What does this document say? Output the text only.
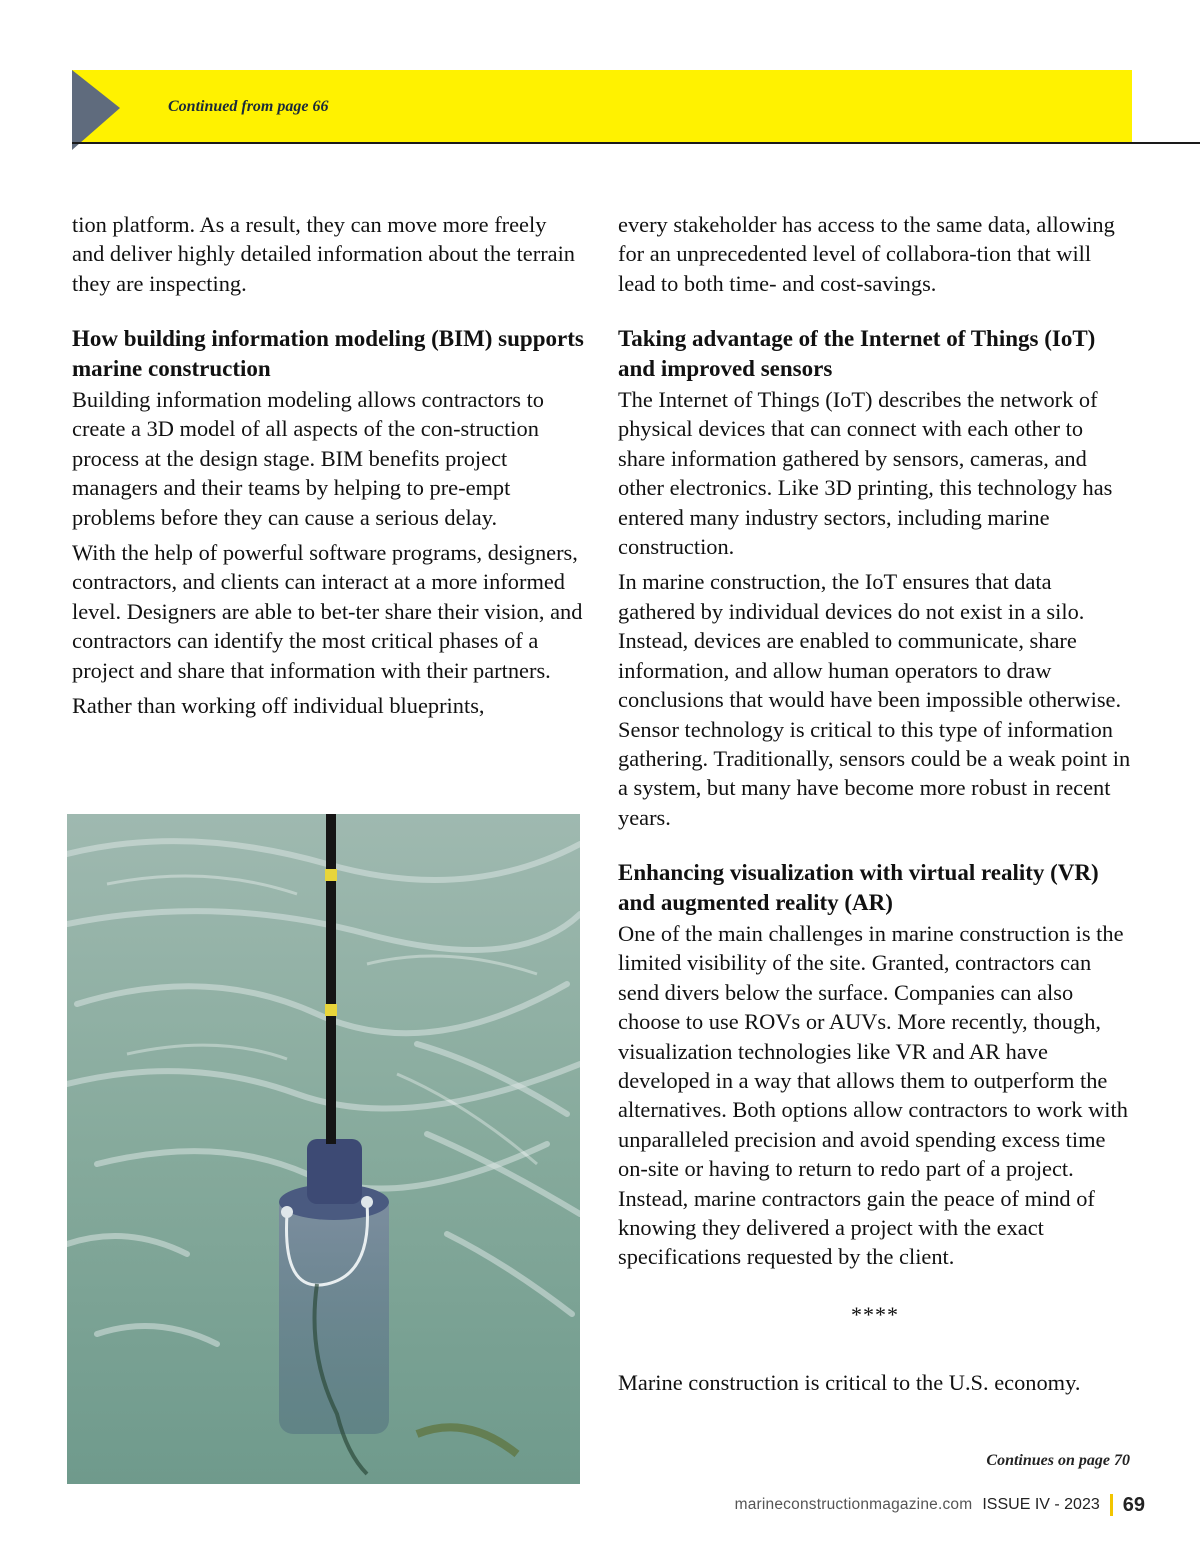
Continued from page 66

tion platform. As a result, they can move more freely and deliver highly detailed information about the terrain they are inspecting.

How building information modeling (BIM) supports marine construction

Building information modeling allows contractors to create a 3D model of all aspects of the con-struction process at the design stage. BIM benefits project managers and their teams by helping to pre-empt problems before they can cause a serious delay.

With the help of powerful software programs, designers, contractors, and clients can interact at a more informed level. Designers are able to bet-ter share their vision, and contractors can identify the most critical phases of a project and share that information with their partners.

Rather than working off individual blueprints,

every stakeholder has access to the same data, allowing for an unprecedented level of collabora-tion that will lead to both time- and cost-savings.

Taking advantage of the Internet of Things (IoT) and improved sensors

The Internet of Things (IoT) describes the network of physical devices that can connect with each other to share information gathered by sensors, cameras, and other electronics. Like 3D printing, this technology has entered many industry sectors, including marine construction.

In marine construction, the IoT ensures that data gathered by individual devices do not exist in a silo. Instead, devices are enabled to communicate, share information, and allow human operators to draw conclusions that would have been impossible otherwise. Sensor technology is critical to this type of information gathering. Traditionally, sensors could be a weak point in a system, but many have become more robust in recent years.

Enhancing visualization with virtual reality (VR) and augmented reality (AR)

One of the main challenges in marine construction is the limited visibility of the site. Granted, contractors can send divers below the surface. Companies can also choose to use ROVs or AUVs. More recently, though, visualization technologies like VR and AR have developed in a way that allows them to outperform the alternatives. Both options allow contractors to work with unparalleled precision and avoid spending excess time on-site or having to return to redo part of a project. Instead, marine contractors gain the peace of mind of knowing they delivered a project with the exact specifications requested by the client.

****

Marine construction is critical to the U.S. economy.

Continues on page 70
marineconstructionmagazine.com ISSUE IV - 2023 69
